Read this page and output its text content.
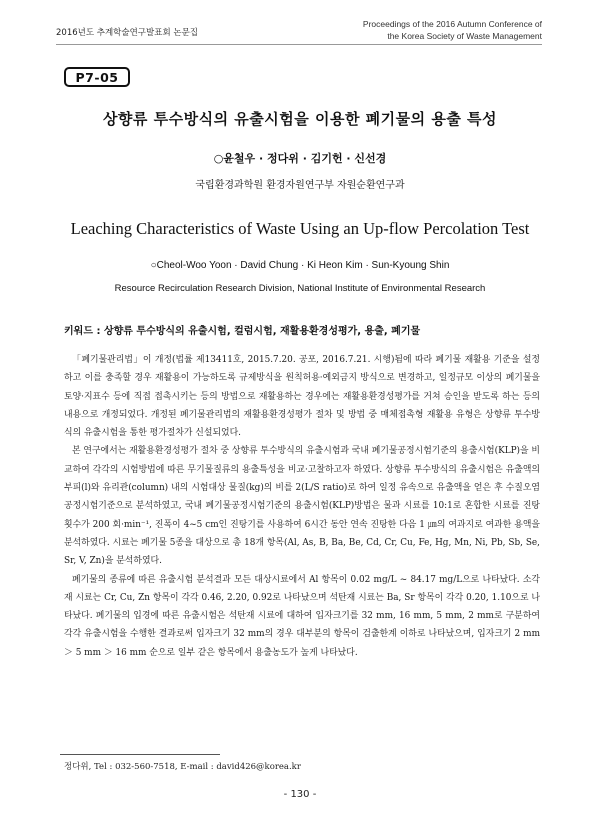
2016년도 추계학술연구발표회 논문집
Proceedings of the 2016 Autumn Conference of
the Korea Society of Waste Management
P7-05
상향류 투수방식의 유출시험을 이용한 폐기물의 용출 특성
○윤철우 · 정다위 · 김기헌 · 신선경
국립환경과학원 환경자원연구부 자원순환연구과
Leaching Characteristics of Waste Using an Up-flow Percolation Test
○Cheol-Woo Yoon · David Chung · Ki Heon Kim · Sun-Kyoung Shin
Resource Recirculation Research Division, National Institute of Environmental Research
키워드 : 상향류 투수방식의 유출시험, 컬럼시험, 재활용환경성평가, 용출, 폐기물

「폐기물관리법」이 개정(법률 제13411호, 2015.7.20. 공포, 2016.7.21. 시행)됨에 따라 폐기물 재활용 기준을 설정하고 이를 충족할 경우 재활용이 가능하도록 규제방식을 원칙허용·예외금지 방식으로 변경하고, 일정규모 이상의 폐기물을 토양·지표수 등에 직접 접촉시키는 등의 방법으로 재활용하는 경우에는 재활용환경성평가를 거쳐 승인을 받도록 하는 등의 내용으로 개정되었다. 개정된 폐기물관리법의 재활용환경성평가 절차 및 방법 중 매체접촉형 재활용 유형은 상향류 투수방식의 유출시험을 통한 평가절차가 신설되었다.

본 연구에서는 재활용환경성평가 절차 중 상향류 투수방식의 유출시험과 국내 폐기물공정시험기준의 용출시험(KLP)을 비교하여 각각의 시험방법에 따른 무기물질류의 용출특성을 비교·고찰하고자 하였다. 상향류 투수방식의 유출시험은 유출액의 부피(l)와 유리관(column) 내의 시험대상 물질(kg)의 비를 2(L/S ratio)로 하여 일정 유속으로 유출액을 얻은 후 수질오염공정시험기준으로 분석하였고, 국내 폐기물공정시험기준의 용출시험(KLP)방법은 물과 시료를 10:1로 혼합한 시료를 진탕 횟수가 200 회·min⁻¹, 진폭이 4~5 cm인 진탕기를 사용하여 6시간 동안 연속 진탕한 다음 1 ㎛의 여과지로 여과한 용액을 분석하였다. 시료는 폐기물 5종을 대상으로 총 18개 항목(Al, As, B, Ba, Be, Cd, Cr, Cu, Fe, Hg, Mn, Ni, Pb, Sb, Se, Sr, V, Zn)을 분석하였다.

폐기물의 종류에 따른 유출시험 분석결과 모든 대상시료에서 Al 항목이 0.02 mg/L ~ 84.17 mg/L으로 나타났다. 소각재 시료는 Cr, Cu, Zn 항목이 각각 0.46, 2.20, 0.92로 나타났으며 석탄재 시료는 Ba, Sr 항목이 각각 0.20, 1.10으로 나타났다. 폐기물의 입경에 따른 유출시험은 석탄재 시료에 대하여 입자크기를 32 mm, 16 mm, 5 mm, 2 mm로 구분하여 각각 유출시험을 수행한 결과로써 입자크기 32 mm의 경우 대부분의 항목이 검출한계 이하로 나타났으며, 입자크기 2 mm ＞ 5 mm ＞ 16 mm 순으로 일부 같은 항목에서 용출농도가 높게 나타났다.

정다위, Tel : 032-560-7518, E-mail : david426@korea.kr
- 130 -
